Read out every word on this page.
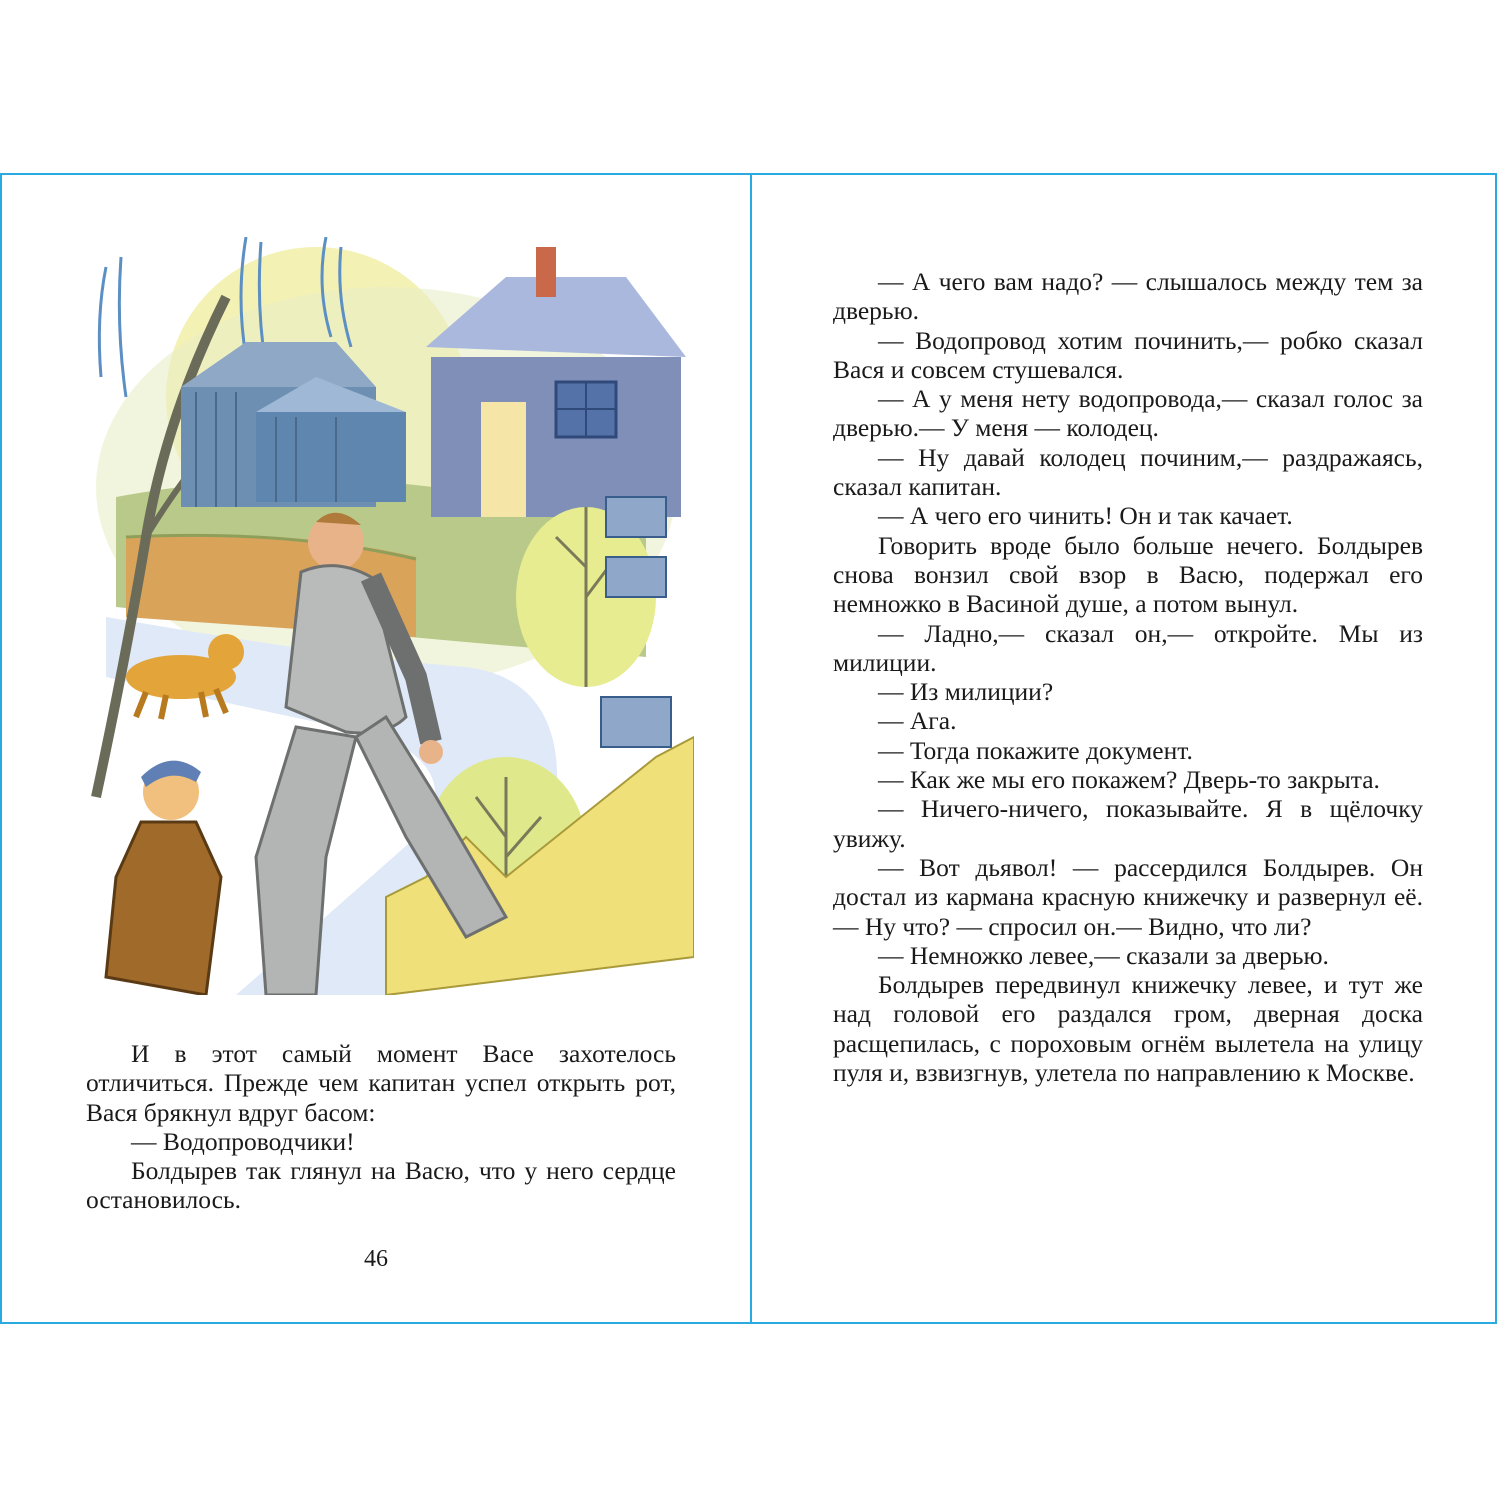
И в этот самый момент Васе захотелось отличиться. Прежде чем капитан успел открыть рот, Вася брякнул вдруг басом:

— Водопроводчики!

Болдырев так глянул на Васю, что у него сердце остановилось.

46

— А чего вам надо? — слышалось между тем за дверью.

— Водопровод хотим починить,— робко сказал Вася и совсем стушевался.

— А у меня нету водопровода,— сказал голос за дверью.— У меня — колодец.

— Ну давай колодец починим,— раздражаясь, сказал капитан.

— А чего его чинить! Он и так качает.

Говорить вроде было больше нечего. Болдырев снова вонзил свой взор в Васю, подержал его немножко в Васиной душе, а потом вынул.

— Ладно,— сказал он,— откройте. Мы из милиции.

— Из милиции?

— Ага.

— Тогда покажите документ.

— Как же мы его покажем? Дверь-то закрыта.

— Ничего-ничего, показывайте. Я в щёлочку увижу.

— Вот дьявол! — рассердился Болдырев. Он достал из кармана красную книжечку и развернул её.— Ну что? — спросил он.— Видно, что ли?

— Немножко левее,— сказали за дверью.

Болдырев передвинул книжечку левее, и тут же над головой его раздался гром, дверная доска расщепилась, с пороховым огнём вылетела на улицу пуля и, взвизгнув, улетела по направлению к Москве.
